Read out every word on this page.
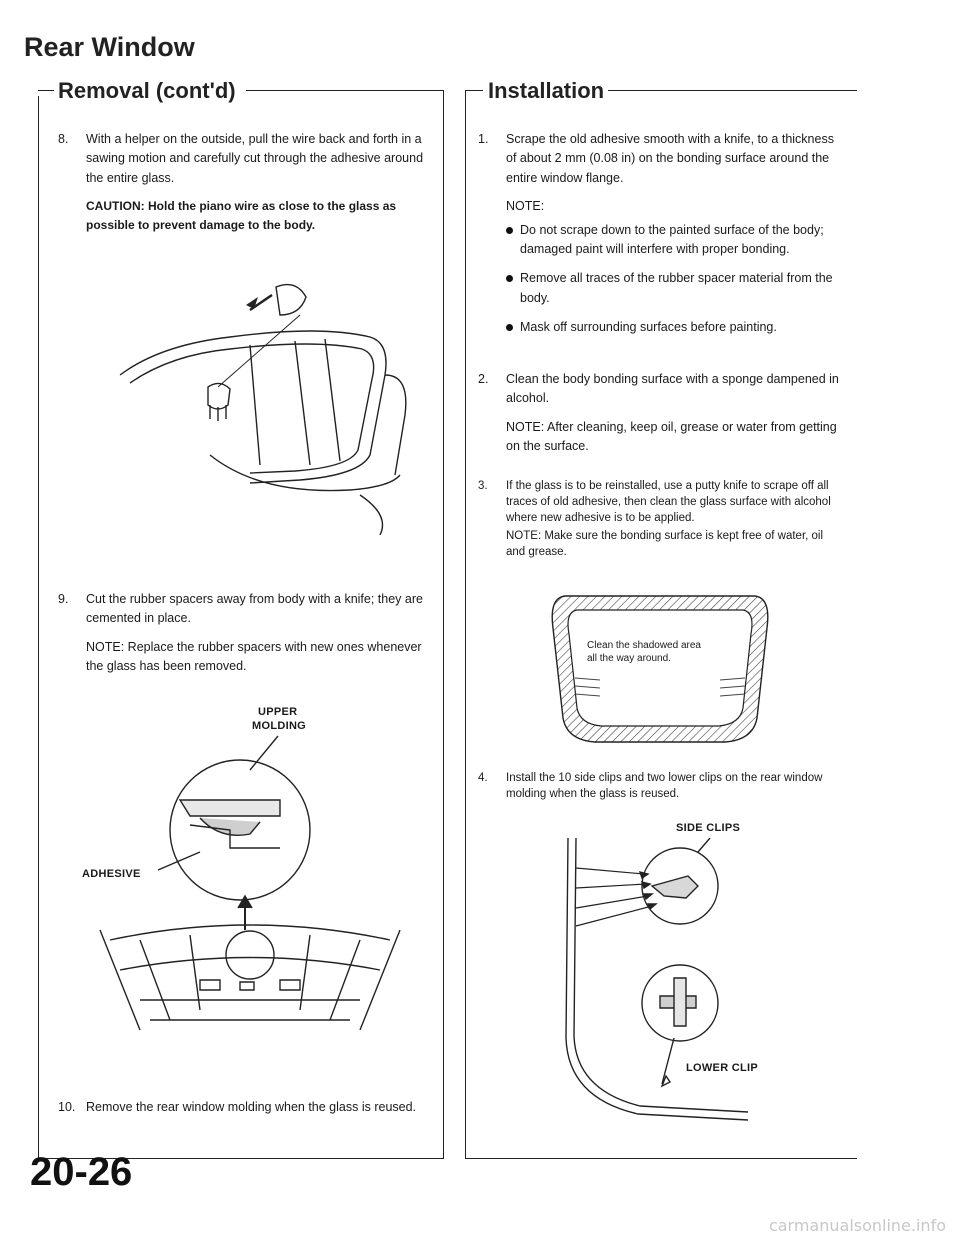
Rear Window
Removal (cont'd)
8. With a helper on the outside, pull the wire back and forth in a sawing motion and carefully cut through the adhesive around the entire glass.

CAUTION: Hold the piano wire as close to the glass as possible to prevent damage to the body.

9. Cut the rubber spacers away from body with a knife; they are cemented in place.

NOTE: Replace the rubber spacers with new ones whenever the glass has been removed.

UPPER
MOLDING
ADHESIVE
10. Remove the rear window molding when the glass is reused.

Installation
1. Scrape the old adhesive smooth with a knife, to a thickness of about 2 mm (0.08 in) on the bonding surface around the entire window flange.

NOTE:

Do not scrape down to the painted surface of the body; damaged paint will interfere with proper bonding.
Remove all traces of the rubber spacer material from the body.
Mask off surrounding surfaces before painting.
2. Clean the body bonding surface with a sponge dampened in alcohol.

NOTE: After cleaning, keep oil, grease or water from getting on the surface.

3. If the glass is to be reinstalled, use a putty knife to scrape off all traces of old adhesive, then clean the glass surface with alcohol where new adhesive is to be applied.

NOTE: Make sure the bonding surface is kept free of water, oil and grease.

Clean the shadowed area
all the way around.
4. Install the 10 side clips and two lower clips on the rear window molding when the glass is reused.

SIDE CLIPS
LOWER CLIP
20-26
carmanualsonline.info
